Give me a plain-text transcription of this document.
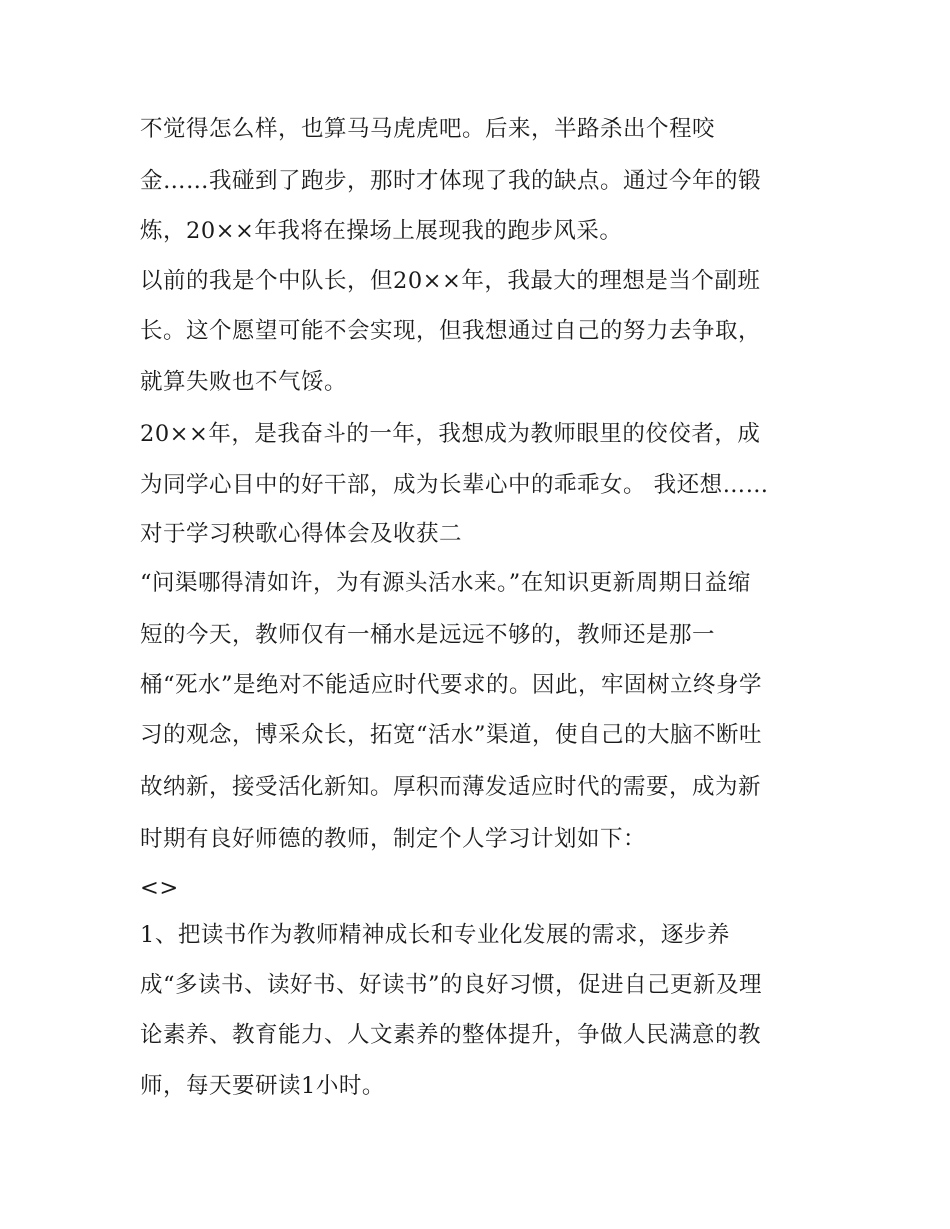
不觉得怎么样，也算马马虎虎吧。后来，半路杀出个程咬
金……我碰到了跑步，那时才体现了我的缺点。通过今年的锻
炼，20××年我将在操场上展现我的跑步风采。
以前的我是个中队长，但20××年，我最大的理想是当个副班
长。这个愿望可能不会实现，但我想通过自己的努力去争取，
就算失败也不气馁。
20××年，是我奋斗的一年，我想成为教师眼里的佼佼者，成
为同学心目中的好干部，成为长辈心中的乖乖女。 我还想……
对于学习秧歌心得体会及收获二
“问渠哪得清如许，为有源头活水来。”在知识更新周期日益缩
短的今天，教师仅有一桶水是远远不够的，教师还是那一
桶“死水”是绝对不能适应时代要求的。因此，牢固树立终身学
习的观念，博采众长，拓宽“活水”渠道，使自己的大脑不断吐
故纳新，接受活化新知。厚积而薄发适应时代的需要，成为新
时期有良好师德的教师，制定个人学习计划如下：
<>
1、把读书作为教师精神成长和专业化发展的需求，逐步养
成“多读书、读好书、好读书”的良好习惯，促进自己更新及理
论素养、教育能力、人文素养的整体提升，争做人民满意的教
师，每天要研读1小时。
